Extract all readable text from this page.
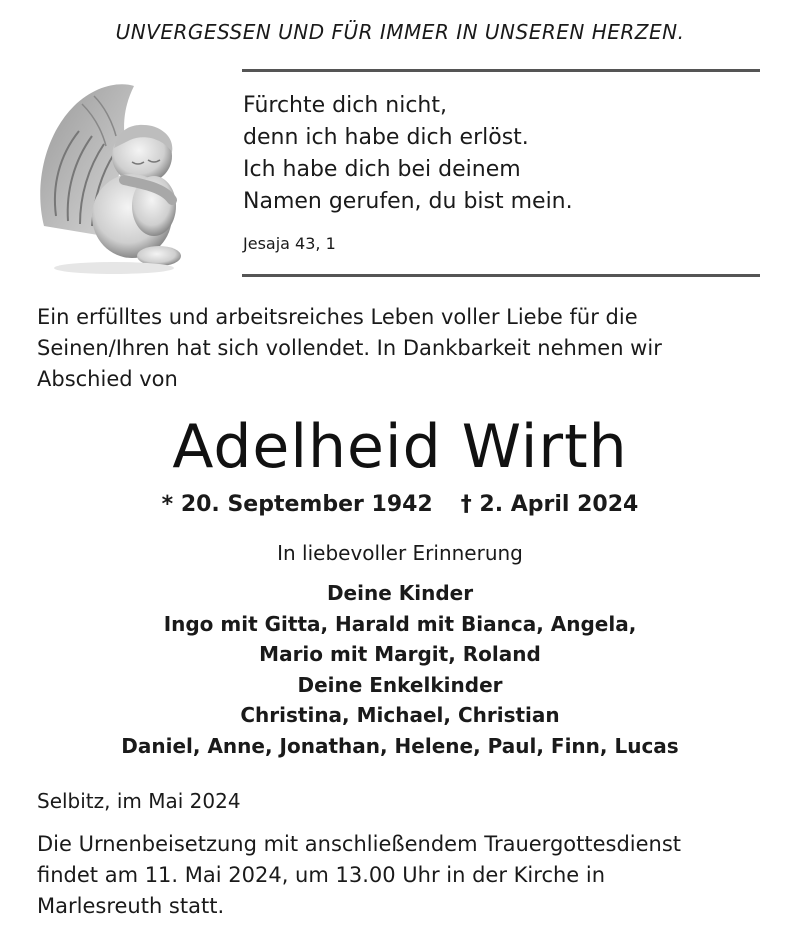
UNVERGESSEN UND FÜR IMMER IN UNSEREN HERZEN.
Fürchte dich nicht,
denn ich habe dich erlöst.
Ich habe dich bei deinem
Namen gerufen, du bist mein.
Jesaja 43, 1
Ein erfülltes und arbeitsreiches Leben voller Liebe für die
Seinen/Ihren hat sich vollendet. In Dankbarkeit nehmen wir
Abschied von
Adelheid Wirth
* 20. September 1942 † 2. April 2024
In liebevoller Erinnerung
Deine Kinder
Ingo mit Gitta, Harald mit Bianca, Angela,
Mario mit Margit, Roland
Deine Enkelkinder
Christina, Michael, Christian
Daniel, Anne, Jonathan, Helene, Paul, Finn, Lucas
Selbitz, im Mai 2024
Die Urnenbeisetzung mit anschließendem Trauergottesdienst
findet am 11. Mai 2024, um 13.00 Uhr in der Kirche in
Marlesreuth statt.
